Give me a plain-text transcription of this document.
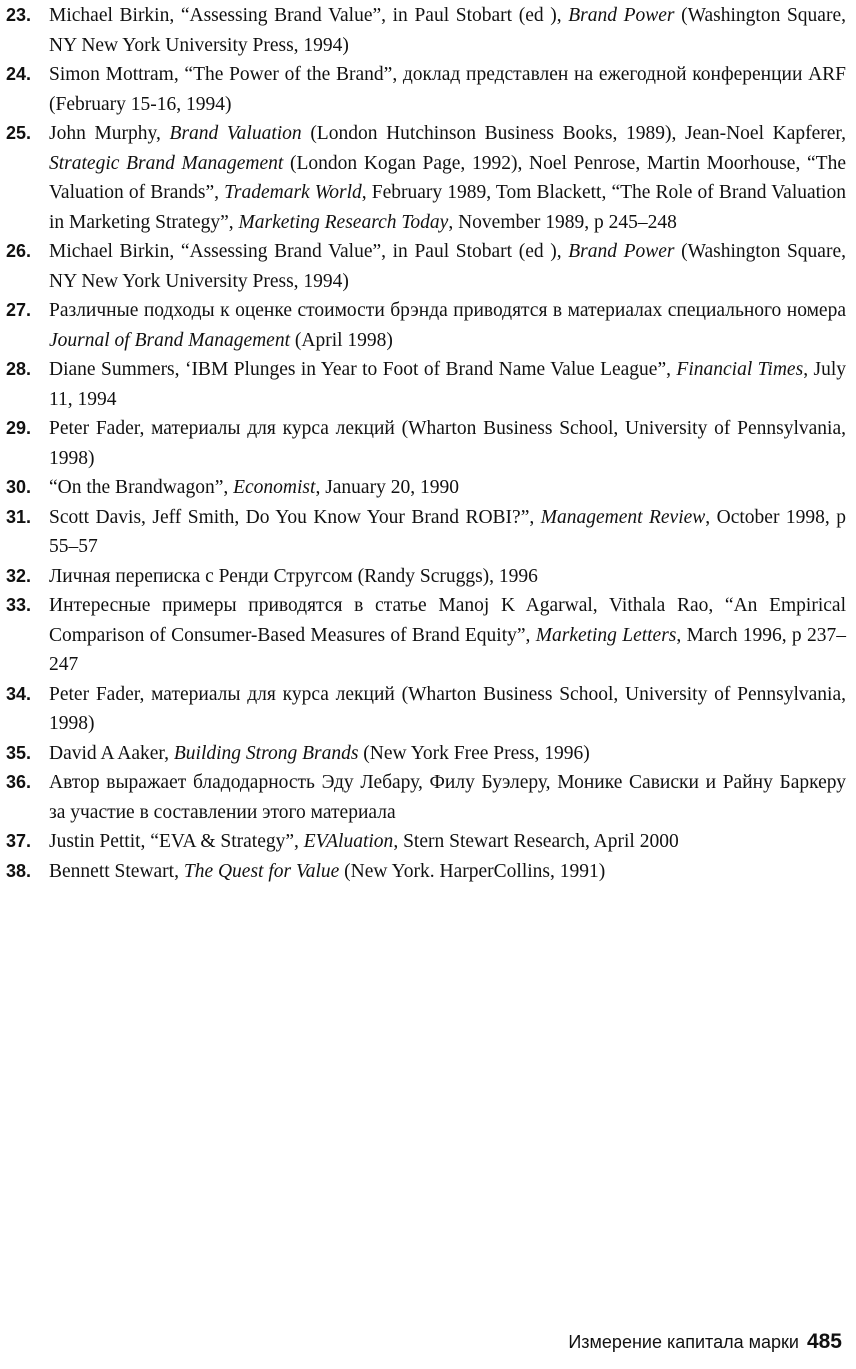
23. Michael Birkin, “Assessing Brand Value”, in Paul Stobart (ed ), Brand Power (Washington Square, NY New York University Press, 1994)
24. Simon Mottram, “The Power of the Brand”, доклад представлен на ежегодной конференции ARF (February 15-16, 1994)
25. John Murphy, Brand Valuation (London Hutchinson Business Books, 1989), Jean-Noel Kapferer, Strategic Brand Management (London Kogan Page, 1992), Noel Penrose, Martin Moorhouse, “The Valuation of Brands”, Trademark World, February 1989, Tom Blackett, “The Role of Brand Valuation in Marketing Strategy”, Marketing Research Today, November 1989, p 245–248
26. Michael Birkin, “Assessing Brand Value”, in Paul Stobart (ed ), Brand Power (Washington Square, NY New York University Press, 1994)
27. Различные подходы к оценке стоимости брэнда приводятся в материалах специального номера Journal of Brand Management (April 1998)
28. Diane Summers, ‘IBM Plunges in Year to Foot of Brand Name Value League”, Financial Times, July 11, 1994
29. Peter Fader, материалы для курса лекций (Wharton Business School, University of Pennsylvania, 1998)
30. “On the Brandwagon”, Economist, January 20, 1990
31. Scott Davis, Jeff Smith, Do You Know Your Brand ROBI?”, Management Review, October 1998, p 55–57
32. Личная переписка с Ренди Стругсом (Randy Scruggs), 1996
33. Интересные примеры приводятся в статье Manoj K Agarwal, Vithala Rao, “An Empirical Comparison of Consumer-Based Measures of Brand Equity”, Marketing Letters, March 1996, p 237–247
34. Peter Fader, материалы для курса лекций (Wharton Business School, University of Pennsylvania, 1998)
35. David A Aaker, Building Strong Brands (New York Free Press, 1996)
36. Автор выражает бладодарность Эду Лебару, Филу Буэлеру, Монике Сависки и Райну Баркеру за участие в составлении этого материала
37. Justin Pettit, “EVA & Strategy”, EVAluation, Stern Stewart Research, April 2000
38. Bennett Stewart, The Quest for Value (New York. HarperCollins, 1991)
Измерение капитала марки 485
